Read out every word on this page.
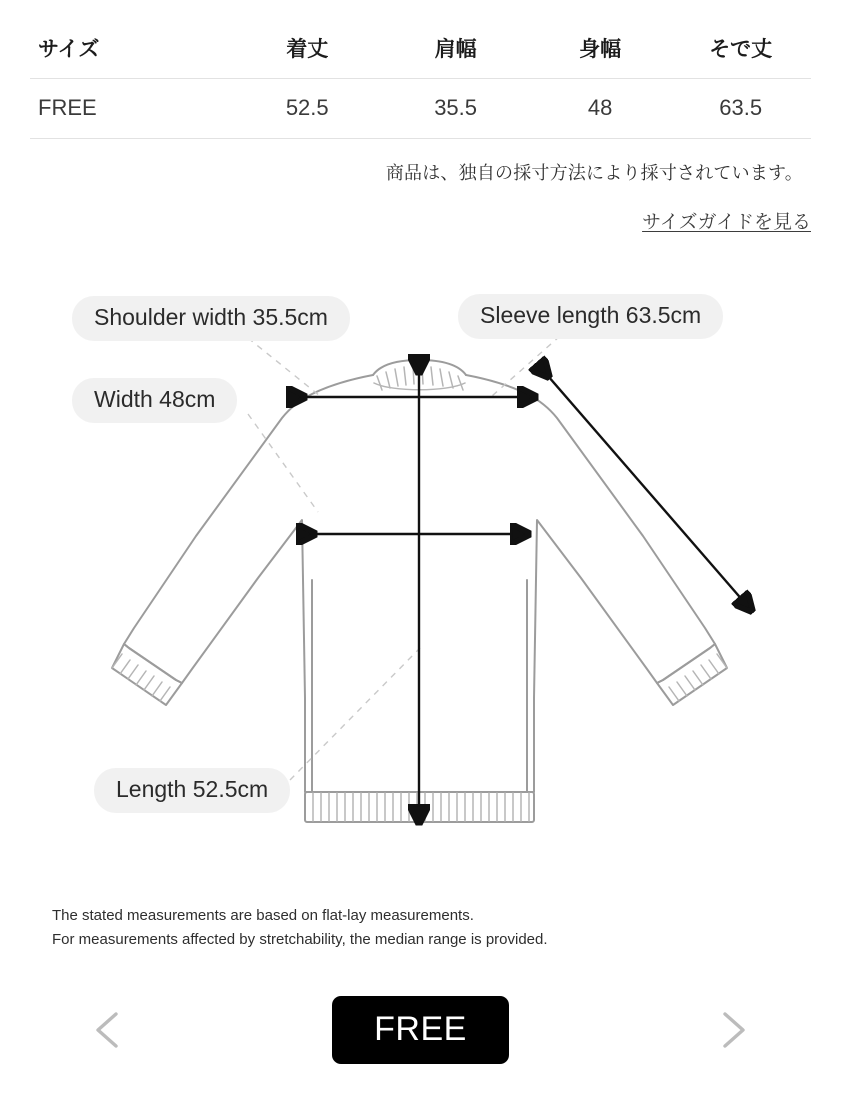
サイズ	着丈	肩幅	身幅	そで丈
FREE	52.5	35.5	48	63.5
商品は、独自の採寸方法により採寸されています。
サイズガイドを見る
Shoulder width 35.5cm	Sleeve length 63.5cm
Width 48cm
Length 52.5cm
The stated measurements are based on flat-lay measurements.
For measurements affected by stretchability, the median range is provided.
FREE
